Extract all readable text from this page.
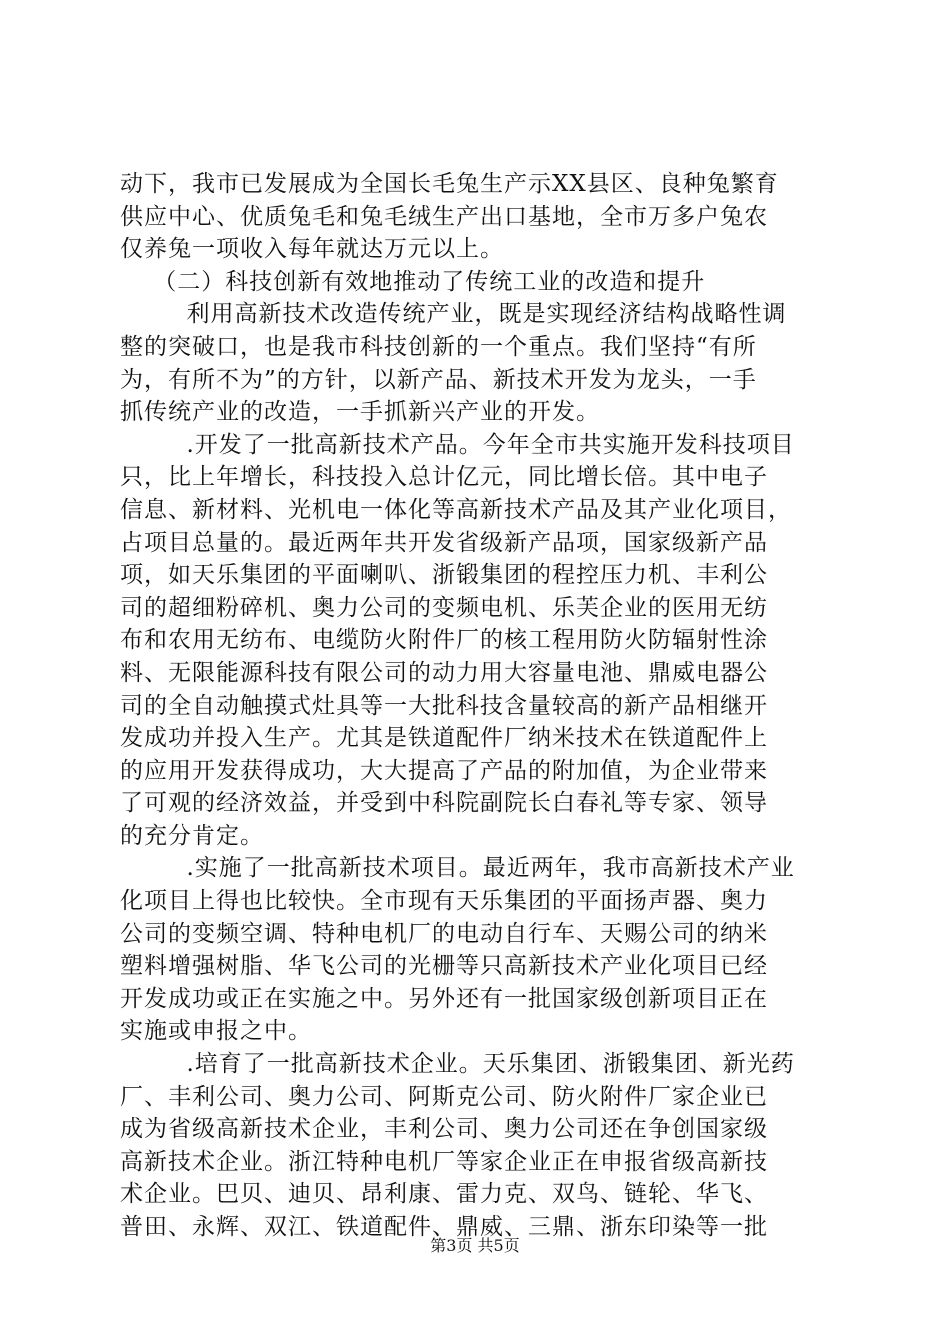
动下，我市已发展成为全国长毛兔生产示XX县区、良种兔繁育
供应中心、优质兔毛和兔毛绒生产出口基地，全市万多户兔农
仅养兔一项收入每年就达万元以上。
（二）科技创新有效地推动了传统工业的改造和提升
利用高新技术改造传统产业，既是实现经济结构战略性调
整的突破口，也是我市科技创新的一个重点。我们坚持“有所
为，有所不为”的方针，以新产品、新技术开发为龙头，一手
抓传统产业的改造，一手抓新兴产业的开发。
.开发了一批高新技术产品。今年全市共实施开发科技项目
只，比上年增长，科技投入总计亿元，同比增长倍。其中电子
信息、新材料、光机电一体化等高新技术产品及其产业化项目，
占项目总量的。最近两年共开发省级新产品项，国家级新产品
项，如天乐集团的平面喇叭、浙锻集团的程控压力机、丰利公
司的超细粉碎机、奥力公司的变频电机、乐芙企业的医用无纺
布和农用无纺布、电缆防火附件厂的核工程用防火防辐射性涂
料、无限能源科技有限公司的动力用大容量电池、鼎威电器公
司的全自动触摸式灶具等一大批科技含量较高的新产品相继开
发成功并投入生产。尤其是铁道配件厂纳米技术在铁道配件上
的应用开发获得成功，大大提高了产品的附加值，为企业带来
了可观的经济效益，并受到中科院副院长白春礼等专家、领导
的充分肯定。
.实施了一批高新技术项目。最近两年，我市高新技术产业
化项目上得也比较快。全市现有天乐集团的平面扬声器、奥力
公司的变频空调、特种电机厂的电动自行车、天赐公司的纳米
塑料增强树脂、华飞公司的光栅等只高新技术产业化项目已经
开发成功或正在实施之中。另外还有一批国家级创新项目正在
实施或申报之中。
.培育了一批高新技术企业。天乐集团、浙锻集团、新光药
厂、丰利公司、奥力公司、阿斯克公司、防火附件厂家企业已
成为省级高新技术企业，丰利公司、奥力公司还在争创国家级
高新技术企业。浙江特种电机厂等家企业正在申报省级高新技
术企业。巴贝、迪贝、昂利康、雷力克、双鸟、链轮、华飞、
普田、永辉、双江、铁道配件、鼎威、三鼎、浙东印染等一批
第3页 共5页
